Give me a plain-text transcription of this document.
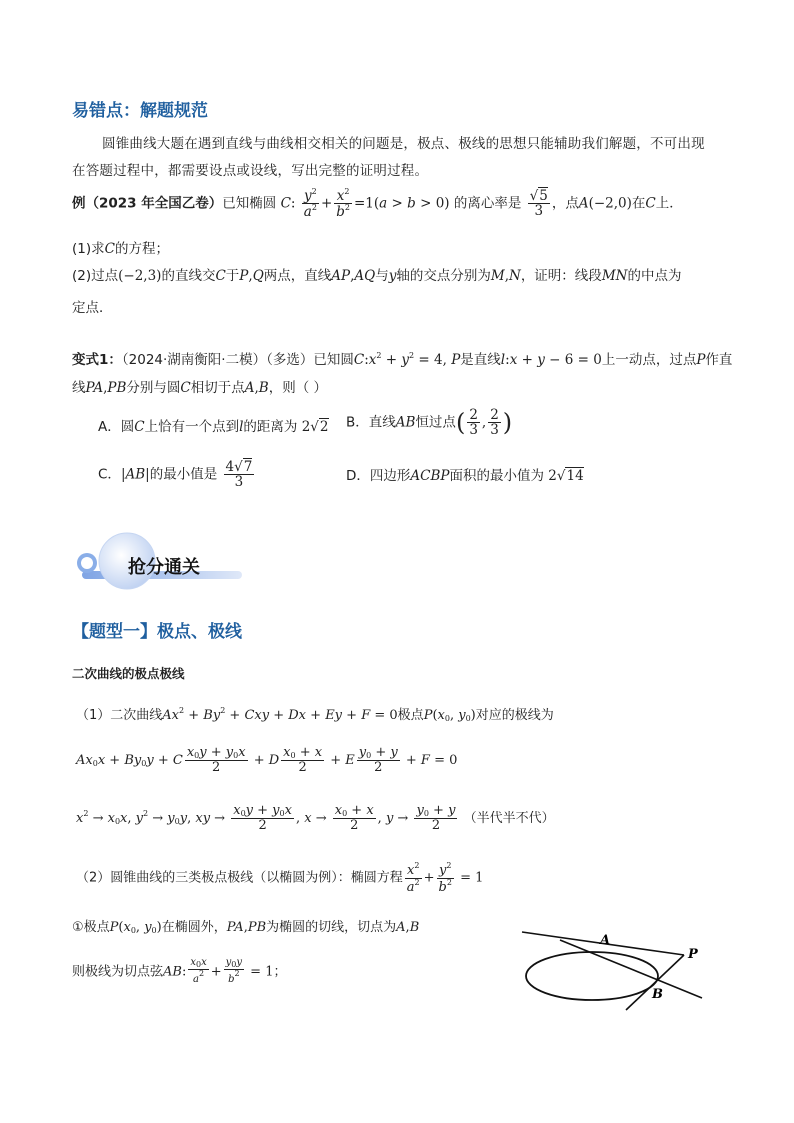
易错点：解题规范
圆锥曲线大题在遇到直线与曲线相交相关的问题是，极点、极线的思想只能辅助我们解题，不可出现
在答题过程中，都需要设点或设线，写出完整的证明过程。
例（2023 年全国乙卷）已知椭圆 C: $\frac{y^2}{a^2} + \frac{x^2}{b^2} =1(a > b > 0)$ 的离心率是 $\frac{√5}{3}$ ，点A(−2,0)在C上．
(1)求C的方程；
(2)过点(−2,3)的直线交C于P,Q两点，直线AP,AQ与y轴的交点分别为M,N，证明：线段MN的中点为
定点．
变式1：（2024·湖南衡阳·二模）（多选）已知圆$C:x^2 + y^2 = 4$, P是直线l:x + y − 6 = 0上一动点，过点P作直
线PA,PB分别与圆C相切于点A,B，则（ ）
A．圆C上恰有一个点到l的距离为 2√2 B．直线AB恒过点( $\frac{2}{3}$ , $\frac{2}{3}$ )
C．|AB|的最小值是 $\frac{4√7}{3}$	D．四边形ACBP面积的最小值为 2√14
抢分通关
【题型一】极点、极线
二次曲线的极点极线
（1）二次曲线$Ax^2 + By^2$ + Cxy + Dx + Ey + F = 0极点$P(x_0$, $y_0$)对应的极线为
$Ax_0x + By_0y + C \frac{x_0y + y_0x}{2} + D \frac{x_0 + x}{2} + E \frac{y_0 + y}{2} + F = 0$
$x^2 \to x_0x$, $y^2 \to y_0y$, xy → $\frac{x_0y + y_0x}{2}$ , $x \to \frac{x_0 + x}{2}$ , $y \to \frac{y_0 + y}{2}$ （半代半不代）
（2）圆锥曲线的三类极点极线（以椭圆为例）：椭圆方程 $\frac{x^2}{a^2} + \frac{y^2}{b^2} = 1$
①极点$P(x_0$, $y_0$)在椭圆外，PA,PB为椭圆的切线，切点为A,B
则极线为切点弦AB: $\frac{x_0x}{a^2} + \frac{y_0y}{b^2} = 1$；
A
B
P
